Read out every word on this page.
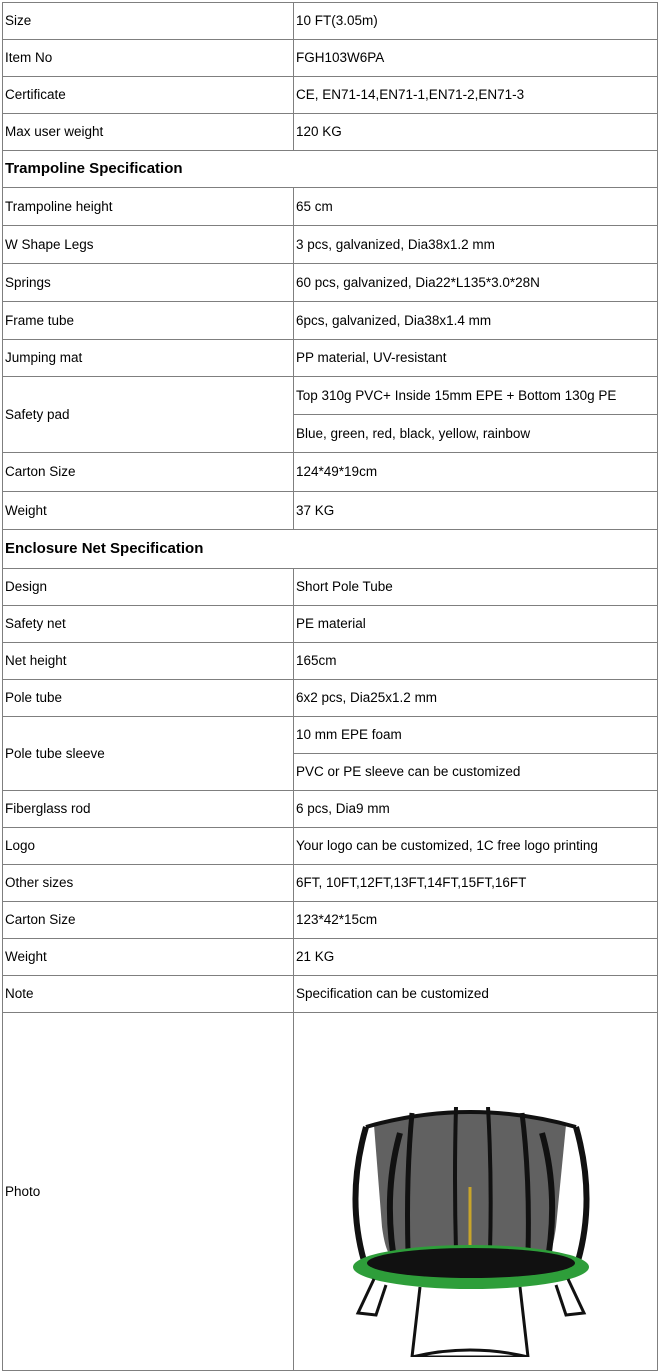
Size	10 FT(3.05m)
Item No	FGH103W6PA
Certificate	CE, EN71-14,EN71-1,EN71-2,EN71-3
Max user weight	120 KG
Trampoline Specification	
Trampoline height	65 cm
W Shape Legs	3 pcs, galvanized, Dia38x1.2 mm
Springs	60 pcs, galvanized, Dia22*L135*3.0*28N
Frame tube	6pcs, galvanized, Dia38x1.4 mm
Jumping mat	PP material, UV-resistant
Safety pad	Top 310g PVC+ Inside 15mm EPE + Bottom 130g PE
	Blue, green, red, black, yellow, rainbow
Carton Size	124*49*19cm
Weight	37 KG
Enclosure Net Specification	
Design	Short Pole Tube
Safety net	PE material
Net height	165cm
Pole tube	6x2 pcs, Dia25x1.2 mm
Pole tube sleeve	10 mm EPE foam
	PVC or PE sleeve can be customized
Fiberglass rod	6 pcs, Dia9 mm
Logo	Your logo can be customized, 1C free logo printing
Other sizes	6FT, 10FT,12FT,13FT,14FT,15FT,16FT
Carton Size	123*42*15cm
Weight	21 KG
Note	Specification can be customized
Photo	
